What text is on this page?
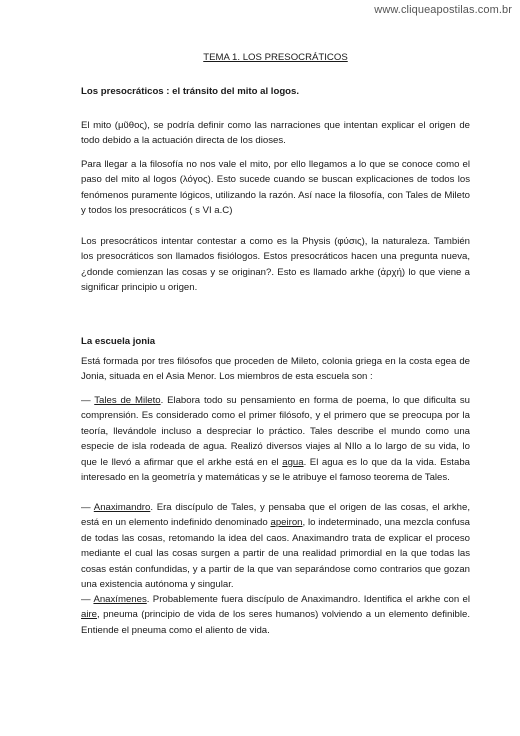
www.cliqueapostilas.com.br
TEMA 1. LOS PRESOCRÁTICOS
Los presocráticos : el tránsito del mito al logos.

El mito (μῦθος), se podría definir como las narraciones que intentan explicar el origen de todo debido a la actuación directa de los dioses.

Para llegar a la filosofía no nos vale el mito, por ello llegamos a lo que se conoce como el paso del mito al logos (λόγος). Esto sucede cuando se buscan explicaciones de todos los fenómenos puramente lógicos, utilizando la razón. Así nace la filosofía, con Tales de Mileto y todos los presocráticos ( s VI a.C)

Los presocráticos intentar contestar a como es la Physis (φύσις), la naturaleza. También los presocráticos son llamados fisiólogos. Estos presocráticos hacen una pregunta nueva, ¿donde comienzan las cosas y se originan?. Esto es llamado arkhe (ἀρχή) lo que viene a significar principio u origen.

La escuela jonia

Está formada por tres filósofos que proceden de Mileto, colonia griega en la costa egea de Jonia, situada en el Asia Menor. Los miembros de esta escuela son :

— Tales de Mileto. Elabora todo su pensamiento en forma de poema, lo que dificulta su comprensión. Es considerado como el primer filósofo, y el primero que se preocupa por la teoría, llevándole incluso a despreciar lo práctico. Tales describe el mundo como una especie de isla rodeada de agua. Realizó diversos viajes al NIlo a lo largo de su vida, lo que le llevó a afirmar que el arkhe está en el agua. El agua es lo que da la vida. Estaba interesado en la geometría y matemáticas y se le atribuye el famoso teorema de Tales.

— Anaximandro. Era discípulo de Tales, y pensaba que el origen de las cosas, el arkhe, está en un elemento indefinido denominado apeiron, lo indeterminado, una mezcla confusa de todas las cosas, retomando la idea del caos. Anaximandro trata de explicar el proceso mediante el cual las cosas surgen a partir de una realidad primordial en la que todas las cosas están confundidas, y a partir de la que van separándose como contrarios que gozan una existencia autónoma y singular.

— Anaxímenes. Probablemente fuera discípulo de Anaximandro. Identifica el arkhe con el aire, pneuma (principio de vida de los seres humanos) volviendo a un elemento definible. Entiende el pneuma como el aliento de vida.
